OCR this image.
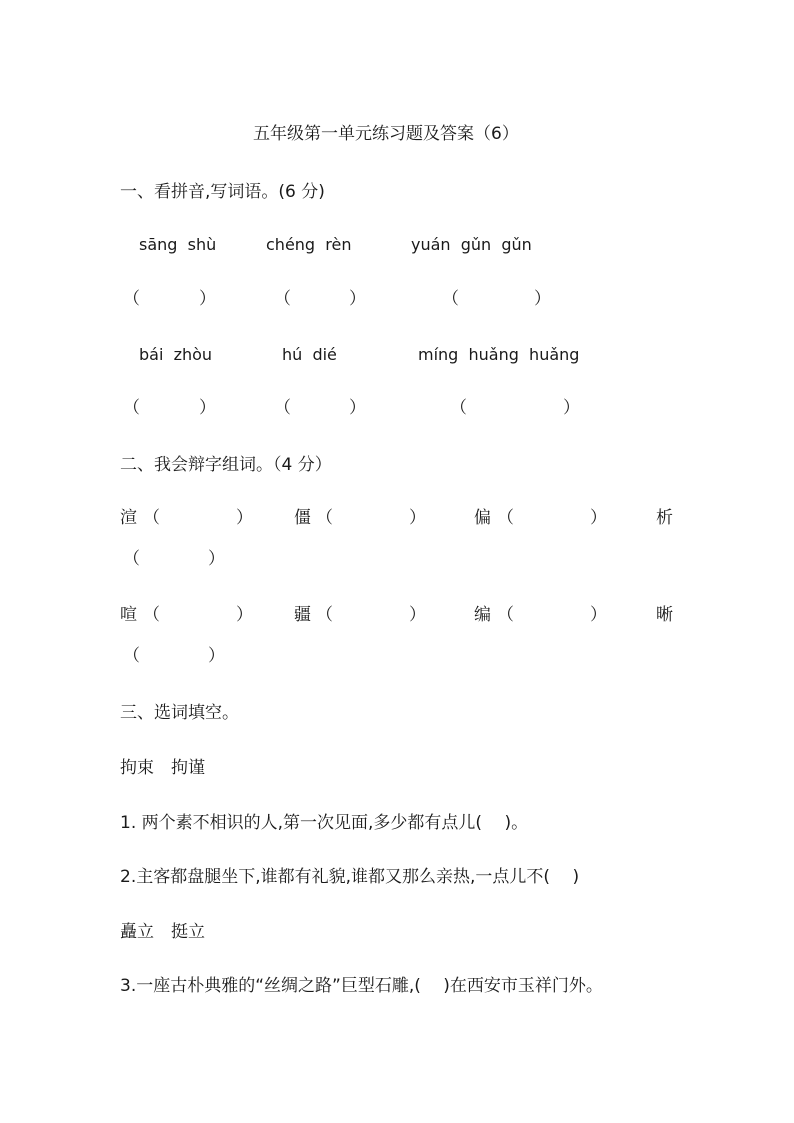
五年级第一单元练习题及答案（6）
一、看拼音,写词语。(6 分)
sāng  shù	chéng  rèn	yuán  gǔn  gǔn
（	）	（	）	（	）
bái  zhòu	hú  dié	míng  huǎng  huǎng
（	）	（	）	（	）
二、我会辩字组词。（4 分）
渲 （	） 僵 （	）	偏 （	）	析
（	）
喧 （	） 疆 （	）	编 （	）	晰
（	）
三、选词填空。
拘束　拘谨
1. 两个素不相识的人,第一次见面,多少都有点儿(　 )。
2.主客都盘腿坐下,谁都有礼貌,谁都又那么亲热,一点儿不(　 )
矗立　挺立
3.一座古朴典雅的“丝绸之路”巨型石雕,(　 )在西安市玉祥门外。
